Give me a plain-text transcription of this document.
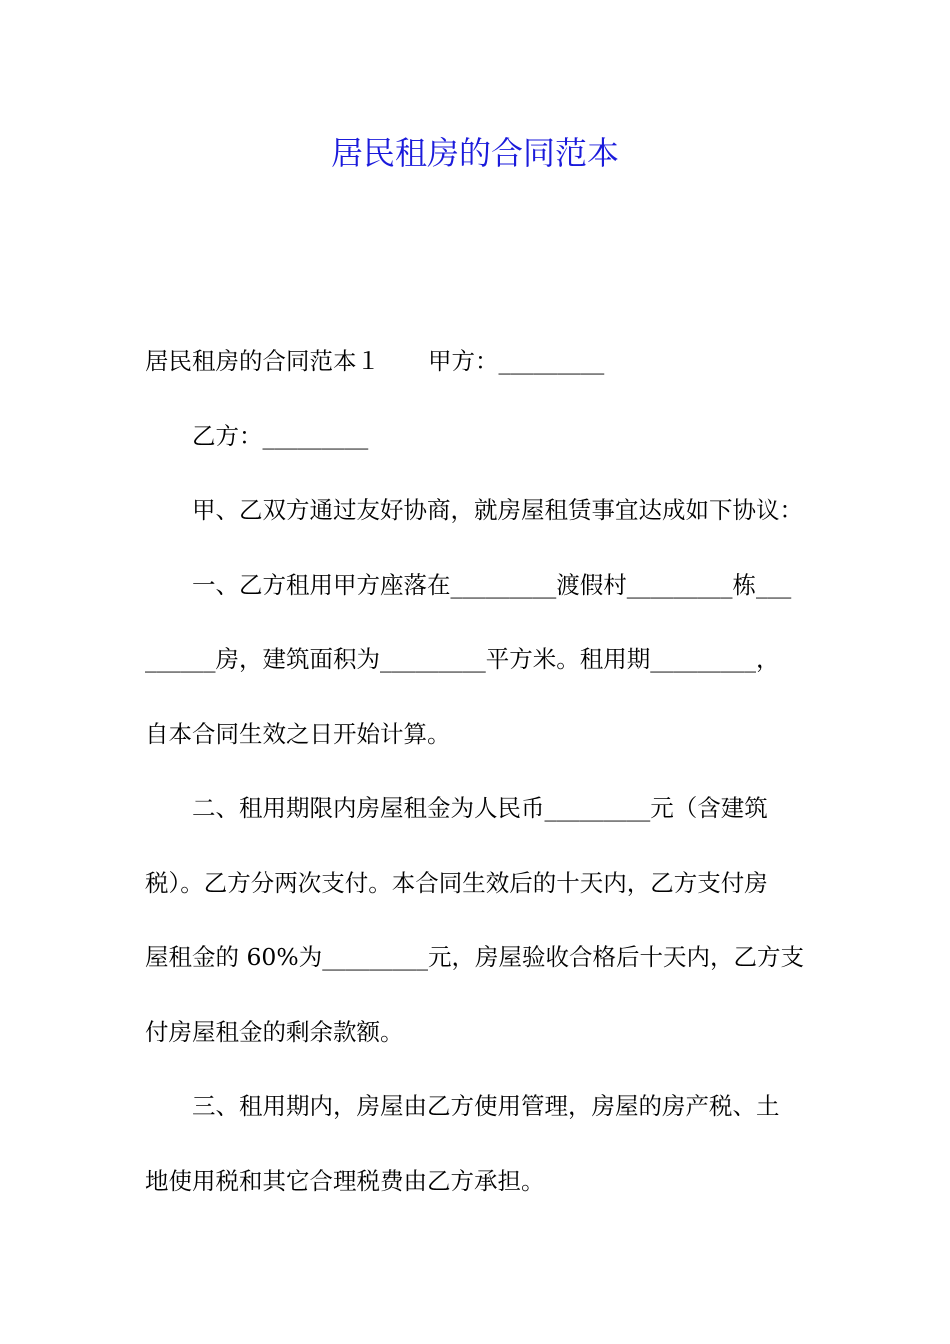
居民租房的合同范本
居民租房的合同范本１ 甲方：_________
乙方：_________
甲、乙双方通过友好协商，就房屋租赁事宜达成如下协议：
一、乙方租用甲方座落在_________渡假村_________栋___
______房，建筑面积为_________平方米。租用期_________，
自本合同生效之日开始计算。
二、租用期限内房屋租金为人民币_________元（含建筑
税）。乙方分两次支付。本合同生效后的十天内，乙方支付房
屋租金的 60%为_________元，房屋验收合格后十天内，乙方支
付房屋租金的剩余款额。
三、租用期内，房屋由乙方使用管理，房屋的房产税、土
地使用税和其它合理税费由乙方承担。
